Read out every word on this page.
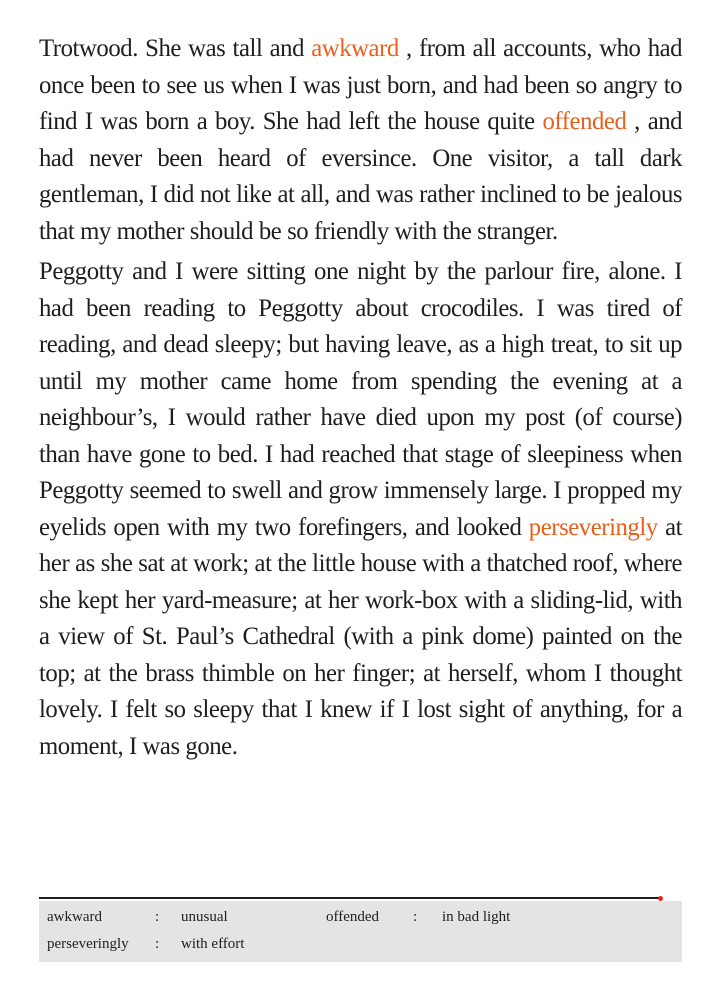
Trotwood. She was tall and awkward , from all accounts, who had once been to see us when I was just born, and had been so angry to find I was born a boy. She had left the house quite offended , and had never been heard of eversince. One visitor, a tall dark gentleman, I did not like at all, and was rather inclined to be jealous that my mother should be so friendly with the stranger.

Peggotty and I were sitting one night by the parlour fire, alone. I had been reading to Peggotty about crocodiles. I was tired of reading, and dead sleepy; but having leave, as a high treat, to sit up until my mother came home from spending the evening at a neighbour’s, I would rather have died upon my post (of course) than have gone to bed. I had reached that stage of sleepiness when Peggotty seemed to swell and grow immensely large. I propped my eyelids open with my two forefingers, and looked perseveringly at her as she sat at work; at the little house with a thatched roof, where she kept her yard-measure; at her work-box with a sliding-lid, with a view of St. Paul’s Cathedral (with a pink dome) painted on the top; at the brass thimble on her finger; at herself, whom I thought lovely. I felt so sleepy that I knew if I lost sight of anything, for a moment, I was gone.

awkward	: unusual	offended : in bad light
perseveringly : with effort
